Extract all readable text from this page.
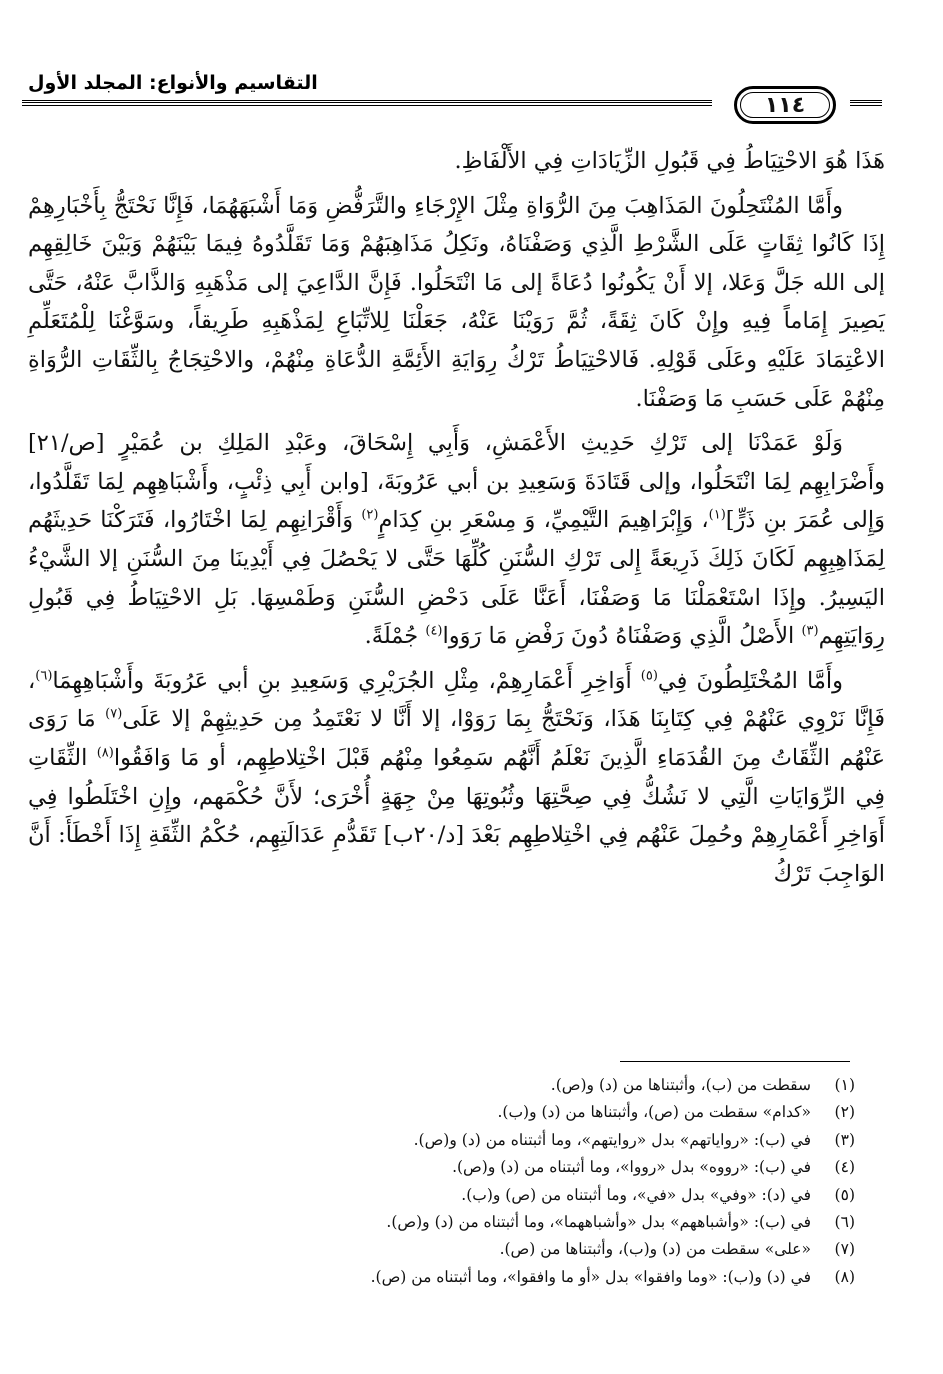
التقاسيم والأنواع: المجلد الأول
١١٤

هَذَا هُوَ الاحْتِيَاطُ فِي قَبُولِ الزِّيَادَاتِ فِي الأَلْفَاظِ.

وأَمَّا المُنْتَحِلُونَ المَذَاهِبَ مِنَ الرُّوَاةِ مِثْلَ الإِرْجَاءِ والتَّرَفُّضِ وَمَا أَشْبَهَهُمَا، فَإِنَّا نَحْتَجُّ بِأَخْبَارِهِمْ إِذَا كَانُوا ثِقَاتٍ عَلَى الشَّرْطِ الَّذِي وَصَفْنَاهُ، ونَكِلُ مَذَاهِبَهُمْ وَمَا تَقَلَّدُوهُ فِيمَا بَيْنَهُمْ وَبَيْنَ خَالِقِهِم إلى الله جَلَّ وَعَلا، إلا أَنْ يَكُونُوا دُعَاةً إلى مَا انْتَحَلُوا. فَإِنَّ الدَّاعِيَ إلى مَذْهَبِهِ وَالذَّابَّ عَنْهُ، حَتَّى يَصِيرَ إِمَاماً فِيهِ وإِنْ كَانَ ثِقَةً، ثُمَّ رَوَيْنَا عَنْهُ، جَعَلْنَا لِلاتِّبَاعِ لِمَذْهَبِهِ طَرِيقاً، وسَوَّغْنَا لِلْمُتَعَلِّمِ الاعْتِمَادَ عَلَيْهِ وعَلَى قَوْلِهِ. فَالاحْتِيَاطُ تَرْكُ رِوَايَةِ الأَئِمَّةِ الدُّعَاةِ مِنْهُمْ، والاحْتِجَاجُ بِالثِّقَاتِ الرُّوَاةِ مِنْهُمْ عَلَى حَسَبِ مَا وَصَفْنَا.

وَلَوْ عَمَدْنَا إلى تَرْكِ حَدِيثِ الأَعْمَشِ، وَأَبِي إِسْحَاقَ، وعَبْدِ المَلِكِ بن عُمَيْرٍ [ص/٢١] وأَضْرَابِهِم لِمَا انْتَحَلُوا، وإلى قَتَادَةَ وَسَعِيدِ بن أبي عَرُوبَةَ، [وابن أَبِي ذِئْبٍ، وأَشْبَاهِهِم لِمَا تَقَلَّدُوا، وَإِلى عُمَرَ بنِ ذَرٍّ]$^{(١)}$، وَإِبْرَاهِيمَ التَّيْمِيِّ، وَ مِسْعَرِ بنِ كِدَامٍ$^{(٢)}$ وَأَقْرَانِهِم لِمَا اخْتَارُوا، فَتَرَكْنَا حَدِيثَهُم لِمَذَاهِبِهِم لَكَانَ ذَلِكَ ذَرِيعَةً إِلى تَرْكِ السُّنَنِ كُلِّهَا حَتَّى لا يَحْصُلَ فِي أَيْدِينَا مِنَ السُّنَنِ إلا الشَّيْءُ اليَسِيرُ. وإِذَا اسْتَعْمَلْنَا مَا وَصَفْنَا، أَعَنَّا عَلَى دَحْضِ السُّنَنِ وَطَمْسِهَا. بَلِ الاحْتِيَاطُ فِي قَبُولِ رِوَايَتِهِم$^{(٣)}$ الأَصْلُ الَّذِي وَصَفْنَاهُ دُونَ رَفْضِ مَا رَوَوا$^{(٤)}$ جُمْلَةً.

وأَمَّا المُخْتَلِطُونَ فِي$^{(٥)}$ أَوَاخِرِ أَعْمَارِهِمْ، مِثْلِ الجُرَيْرِي وَسَعِيدِ بنِ أبي عَرُوبَةَ وأَشْبَاهِهِمَا$^{(٦)}$، فَإِنَّا نَرْوِي عَنْهُمْ فِي كِتَابِنَا هَذَا، وَنَحْتَجُّ بِمَا رَوَوْا، إلا أَنَّا لا نَعْتَمِدُ مِن حَدِيثِهِمْ إلا عَلَى$^{(٧)}$ مَا رَوَى عَنْهُم الثِّقَاتُ مِنَ القُدَمَاءِ الَّذِينَ نَعْلَمُ أَنَّهُم سَمِعُوا مِنْهُم قَبْلَ اخْتِلاطِهِم، أو مَا وَافَقُوا$^{(٨)}$ الثِّقَاتِ فِي الرِّوَايَاتِ الَّتِي لا نَشُكُّ فِي صِحَّتِهَا وثُبُوتِهَا مِنْ جِهَةٍ أُخْرَى؛ لأَنَّ حُكْمَهم، وإِنِ اخْتَلَطُوا فِي أَوَاخِرِ أَعْمَارِهِمْ وحُمِلَ عَنْهُم فِي اخْتِلاطِهِم بَعْدَ [د/٢٠ب] تَقَدُّمِ عَدَالَتِهِم، حُكْمُ الثِّقَةِ إِذَا أَخْطَأَ: أَنَّ الوَاجِبَ تَرْكُ

(١)
سقطت من (ب)، وأثبتناها من (د) و(ص).
(٢)
«كدام» سقطت من (ص)، وأثبتناها من (د) و(ب).
(٣)
في (ب): «رواياتهم» بدل «روايتهم»، وما أثبتناه من (د) و(ص).
(٤)
في (ب): «رووه» بدل «رووا»، وما أثبتناه من (د) و(ص).
(٥)
في (د): «وفي» بدل «في»، وما أثبتناه من (ص) و(ب).
(٦)
في (ب): «وأشباههم» بدل «وأشباههما»، وما أثبتناه من (د) و(ص).
(٧)
«على» سقطت من (د) و(ب)، وأثبتناها من (ص).
(٨)
في (د) و(ب): «وما وافقوا» بدل «أو ما وافقوا»، وما أثبتناه من (ص).
